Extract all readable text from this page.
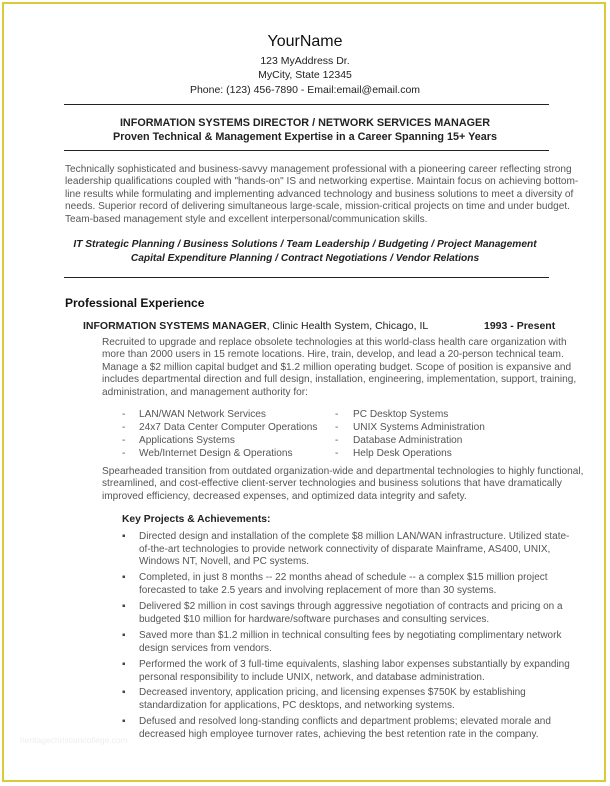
YourName
123 MyAddress Dr.
MyCity, State 12345
Phone: (123) 456-7890 - Email:email@email.com
INFORMATION SYSTEMS DIRECTOR / NETWORK SERVICES MANAGER
Proven Technical & Management Expertise in a Career Spanning 15+ Years
Technically sophisticated and business-savvy management professional with a pioneering career reflecting strong
leadership qualifications coupled with "hands-on" IS and networking expertise. Maintain focus on achieving bottom-
line results while formulating and implementing advanced technology and business solutions to meet a diversity of
needs. Superior record of delivering simultaneous large-scale, mission-critical projects on time and under budget.
Team-based management style and excellent interpersonal/communication skills.
IT Strategic Planning / Business Solutions / Team Leadership / Budgeting / Project Management
Capital Expenditure Planning / Contract Negotiations / Vendor Relations
Professional Experience
INFORMATION SYSTEMS MANAGER, Clinic Health System, Chicago, IL	1993 - Present
Recruited to upgrade and replace obsolete technologies at this world-class health care organization with
more than 2000 users in 15 remote locations. Hire, train, develop, and lead a 20-person technical team.
Manage a $2 million capital budget and $1.2 million operating budget. Scope of position is expansive and
includes departmental direction and full design, installation, engineering, implementation, support, training,
administration, and management authority for:
- LAN/WAN Network Services
- 24x7 Data Center Computer Operations
- Applications Systems
- Web/Internet Design & Operations
- PC Desktop Systems
- UNIX Systems Administration
- Database Administration
- Help Desk Operations
Spearheaded transition from outdated organization-wide and departmental technologies to highly functional,
streamlined, and cost-effective client-server technologies and business solutions that have dramatically
improved efficiency, decreased expenses, and optimized data integrity and safety.
Key Projects & Achievements:
▪ Directed design and installation of the complete $8 million LAN/WAN infrastructure. Utilized state-
of-the-art technologies to provide network connectivity of disparate Mainframe, AS400, UNIX,
Windows NT, Novell, and PC systems.
▪ Completed, in just 8 months -- 22 months ahead of schedule -- a complex $15 million project
forecasted to take 2.5 years and involving replacement of more than 30 systems.
▪ Delivered $2 million in cost savings through aggressive negotiation of contracts and pricing on a
budgeted $10 million for hardware/software purchases and consulting services.
▪ Saved more than $1.2 million in technical consulting fees by negotiating complimentary network
design services from vendors.
▪ Performed the work of 3 full-time equivalents, slashing labor expenses substantially by expanding
personal responsibility to include UNIX, network, and database administration.
▪ Decreased inventory, application pricing, and licensing expenses $750K by establishing
standardization for applications, PC desktops, and networking systems.
▪ Defused and resolved long-standing conflicts and department problems; elevated morale and
decreased high employee turnover rates, achieving the best retention rate in the company.
heritagechristiancollege.com
